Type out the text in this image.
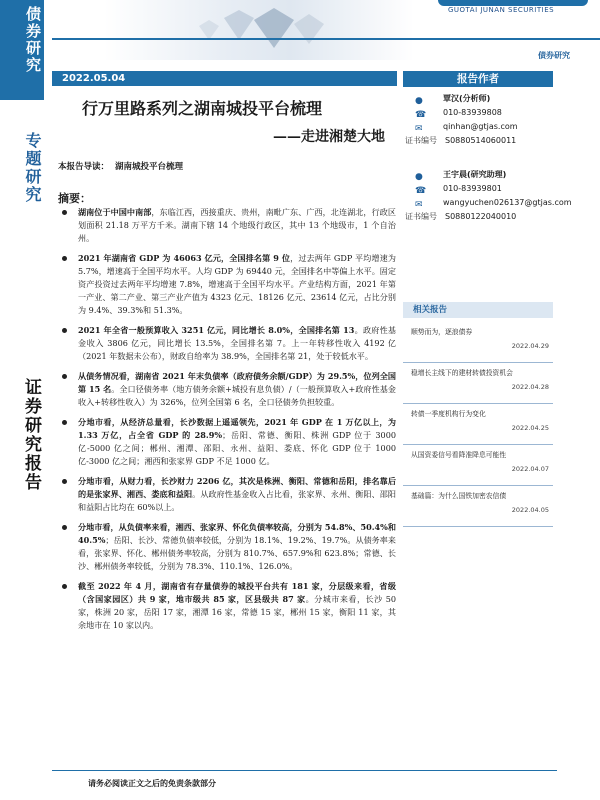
债券研究
专题研究
证券研究报告
GUOTAI JUNAN SECURITIES
债券研究
2022.05.04
行万里路系列之湖南城投平台梳理
——走进湘楚大地
本报告导读： 湖南城投平台梳理
摘要：
湖南位于中国中南部，东临江西，西接重庆、贵州，南毗广东、广西，北连湖北，行政区划面积 21.18 万平方千米。湖南下辖 14 个地级行政区，其中 13 个地级市，1 个自治州。
2021 年湖南省 GDP 为 46063 亿元，全国排名第 9 位，过去两年 GDP 平均增速为 5.7%，增速高于全国平均水平。人均 GDP 为 69440 元，全国排名中等偏上水平。固定资产投资过去两年平均增速 7.8%，增速高于全国平均水平。产业结构方面，2021 年第一产业、第二产业、第三产业产值为 4323 亿元、18126 亿元、23614 亿元，占比分别为 9.4%、39.3%和 51.3%。
2021 年全省一般预算收入 3251 亿元，同比增长 8.0%，全国排名第 13。政府性基金收入 3806 亿元，同比增长 13.5%，全国排名第 7。上一年转移性收入 4192 亿（2021 年数据未公布），财政自给率为 38.9%，全国排名第 21，处于较低水平。
从债务情况看，湖南省 2021 年末负债率（政府债务余额/GDP）为 29.5%，位列全国第 15 名。全口径债务率（地方债务余额+城投有息负债）/（一般预算收入+政府性基金收入+转移性收入）为 326%，位列全国第 6 名，全口径债务负担较重。
分地市看，从经济总量看，长沙数据上遥遥领先，2021 年 GDP 在 1 万亿以上，为 1.33 万亿，占全省 GDP 的 28.9%；岳阳、常德、衡阳、株洲 GDP 位于 3000 亿-5000 亿之间；郴州、湘潭、邵阳、永州、益阳、娄底、怀化 GDP 位于 1000 亿-3000 亿之间；湘西和张家界 GDP 不足 1000 亿。
分地市看，从财力看，长沙财力 2206 亿，其次是株洲、衡阳、常德和岳阳，排名靠后的是张家界、湘西、娄底和益阳。从政府性基金收入占比看，张家界、永州、衡阳、邵阳和益阳占比均在 60%以上。
分地市看，从负债率来看，湘西、张家界、怀化负债率较高，分别为 54.8%、50.4%和 40.5%；岳阳、长沙、常德负债率较低，分别为 18.1%、19.2%、19.7%。从债务率来看，张家界、怀化、郴州债务率较高，分别为 810.7%、657.9%和 623.8%；常德、长沙、郴州债务率较低，分别为 78.3%、110.1%、126.0%。
截至 2022 年 4 月，湖南省有存量债券的城投平台共有 181 家，分层级来看，省级（含国家园区）共 9 家，地市级共 85 家，区县级共 87 家。分城市来看，长沙 50 家，株洲 20 家，岳阳 17 家，湘潭 16 家，常德 15 家，郴州 15 家，衡阳 11 家，其余地市在 10 家以内。
报告作者
●	覃汉(分析师)
☎ 010-83939808
✉	qinhan@gtjas.com
证书编号 S0880514060011
●	王宇晨(研究助理)
☎ 010-83939801
✉	wangyuchen026137@gtjas.com
证书编号 S0880122040010
相关报告
顺势而为，逐浪债券
2022.04.29
稳增长主线下的建材转债投资机会
2022.04.28
转债一季度机构行为变化
2022.04.25
从国资委信号看降准降息可能性
2022.04.07
基础篇：为什么国铁加密农信债
2022.04.05
请务必阅读正文之后的免责条款部分
